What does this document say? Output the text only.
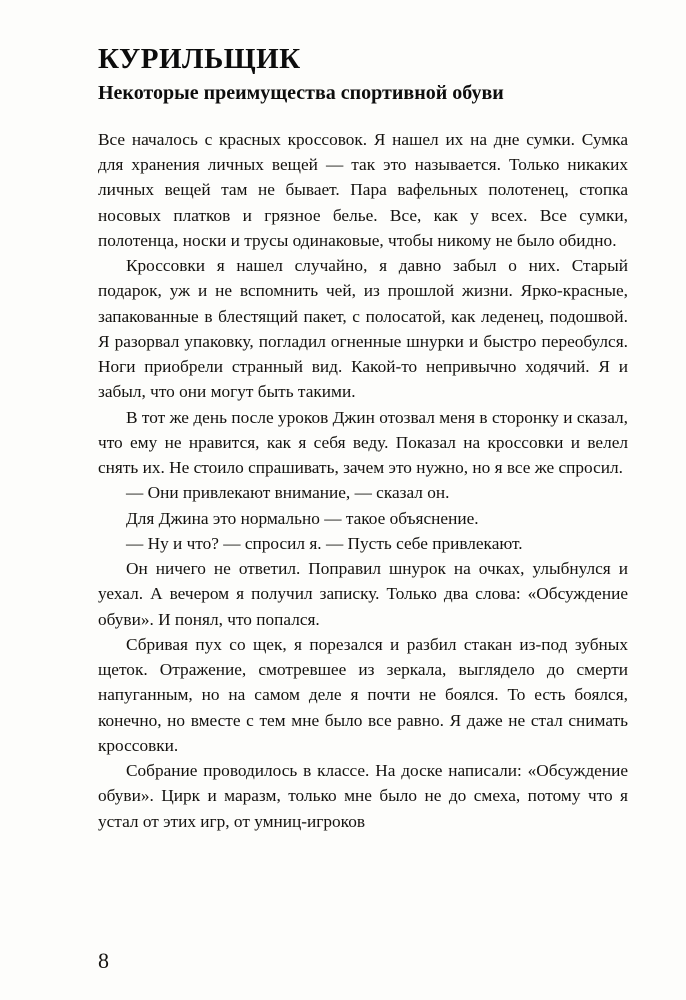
КУРИЛЬЩИК
Некоторые преимущества спортивной обуви

Все началось с красных кроссовок. Я нашел их на дне сумки. Сумка для хранения личных вещей — так это называется. Только никаких личных вещей там не бывает. Пара вафельных полотенец, стопка носовых платков и грязное белье. Все, как у всех. Все сумки, полотенца, носки и трусы одинаковые, чтобы никому не было обидно.

Кроссовки я нашел случайно, я давно забыл о них. Старый подарок, уж и не вспомнить чей, из прошлой жизни. Ярко-красные, запакованные в блестящий пакет, с полосатой, как леденец, подошвой. Я разорвал упаковку, погладил огненные шнурки и быстро переобулся. Ноги приобрели странный вид. Какой-то непривычно ходячий. Я и забыл, что они могут быть такими.

В тот же день после уроков Джин отозвал меня в сторонку и сказал, что ему не нравится, как я себя веду. Показал на кроссовки и велел снять их. Не стоило спрашивать, зачем это нужно, но я все же спросил.

— Они привлекают внимание, — сказал он.

Для Джина это нормально — такое объяснение.

— Ну и что? — спросил я. — Пусть себе привлекают.

Он ничего не ответил. Поправил шнурок на очках, улыбнулся и уехал. А вечером я получил записку. Только два слова: «Обсуждение обуви». И понял, что попался.

Сбривая пух со щек, я порезался и разбил стакан из-под зубных щеток. Отражение, смотревшее из зеркала, выглядело до смерти напуганным, но на самом деле я почти не боялся. То есть боялся, конечно, но вместе с тем мне было все равно. Я даже не стал снимать кроссовки.

Собрание проводилось в классе. На доске написали: «Обсуждение обуви». Цирк и маразм, только мне было не до смеха, потому что я устал от этих игр, от умниц-игроков

8
